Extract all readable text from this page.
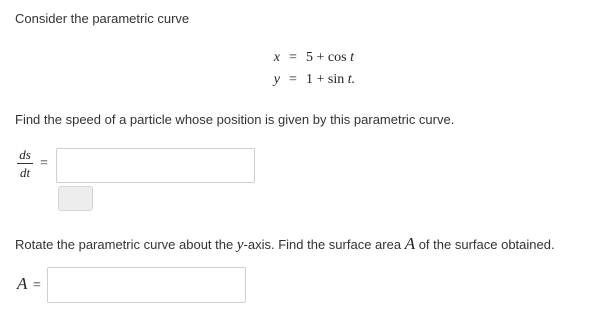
Consider the parametric curve
x = 5 + cos
t
y = 1 + sin
t.
Find the speed of a particle whose position is given by this parametric curve.
ds
dt
=
Rotate the parametric curve about the y-axis. Find the surface area A of the surface obtained.
A =
